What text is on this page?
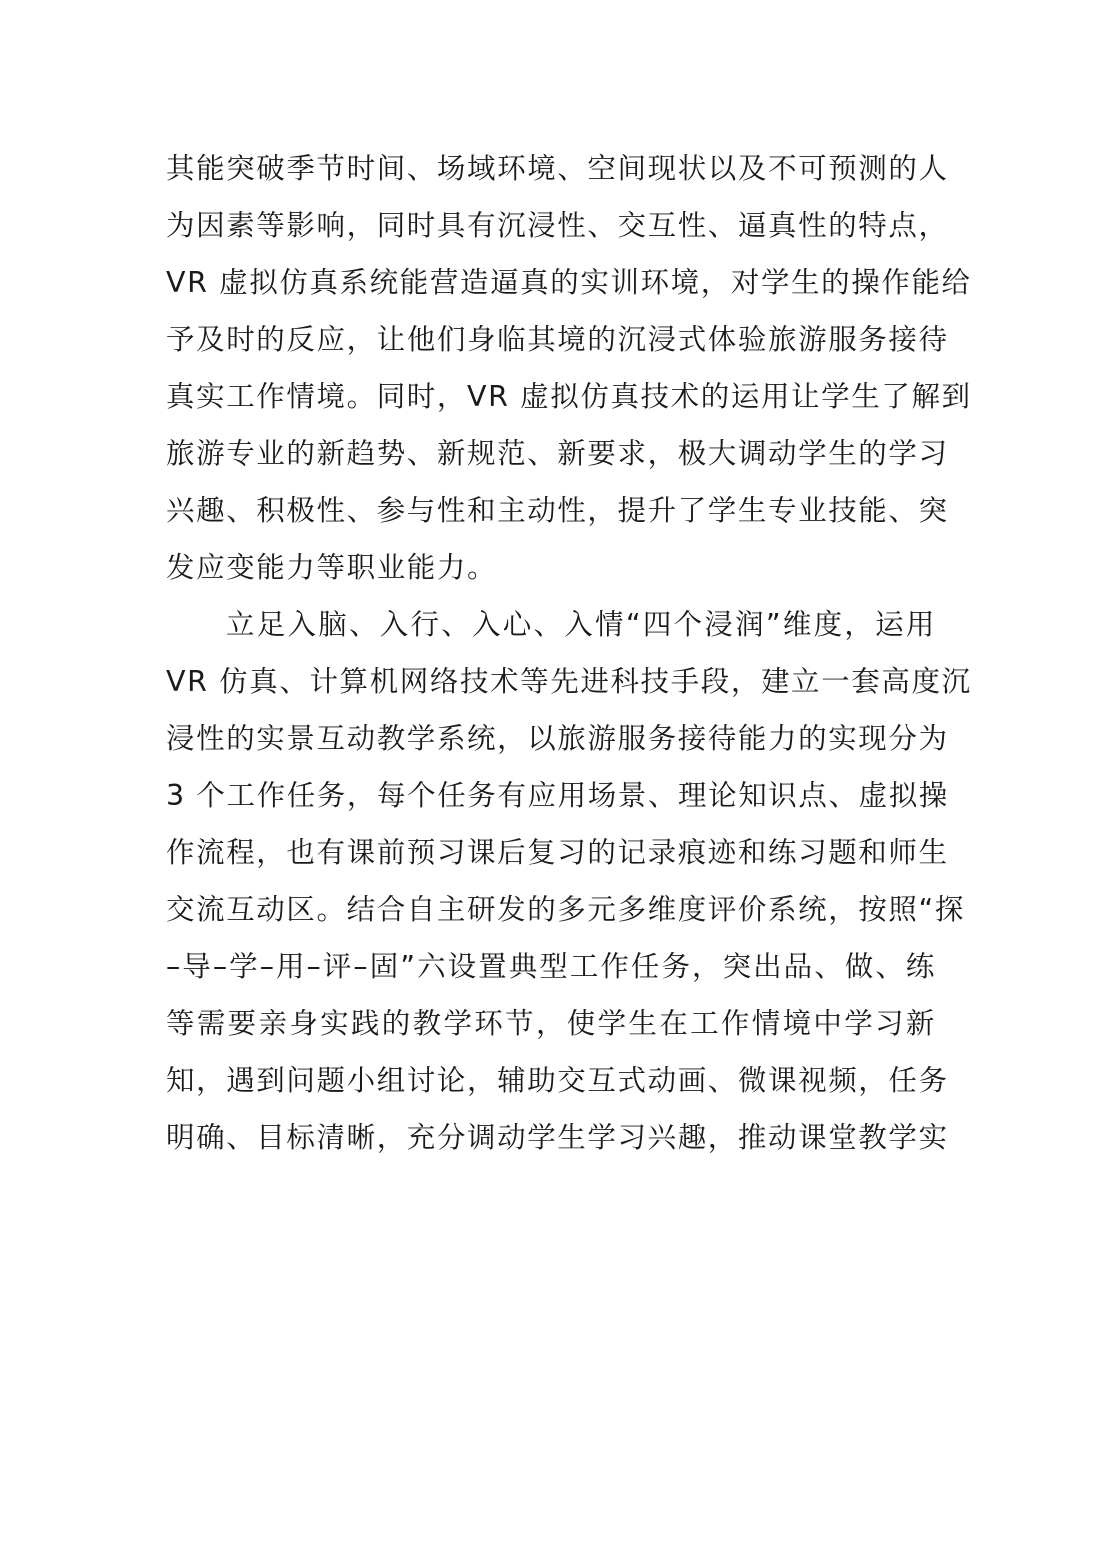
其能突破季节时间、场域环境、空间现状以及不可预测的人
为因素等影响，同时具有沉浸性、交互性、逼真性的特点，
VR 虚拟仿真系统能营造逼真的实训环境，对学生的操作能给
予及时的反应，让他们身临其境的沉浸式体验旅游服务接待
真实工作情境。同时，VR 虚拟仿真技术的运用让学生了解到
旅游专业的新趋势、新规范、新要求，极大调动学生的学习
兴趣、积极性、参与性和主动性，提升了学生专业技能、突
发应变能力等职业能力。
立足入脑、入行、入心、入情“四个浸润”维度，运用
VR 仿真、计算机网络技术等先进科技手段，建立一套高度沉
浸性的实景互动教学系统，以旅游服务接待能力的实现分为
3 个工作任务，每个任务有应用场景、理论知识点、虚拟操
作流程，也有课前预习课后复习的记录痕迹和练习题和师生
交流互动区。结合自主研发的多元多维度评价系统，按照“探
–导–学–用–评–固”六设置典型工作任务，突出品、做、练
等需要亲身实践的教学环节，使学生在工作情境中学习新
知，遇到问题小组讨论，辅助交互式动画、微课视频，任务
明确、目标清晰，充分调动学生学习兴趣，推动课堂教学实
